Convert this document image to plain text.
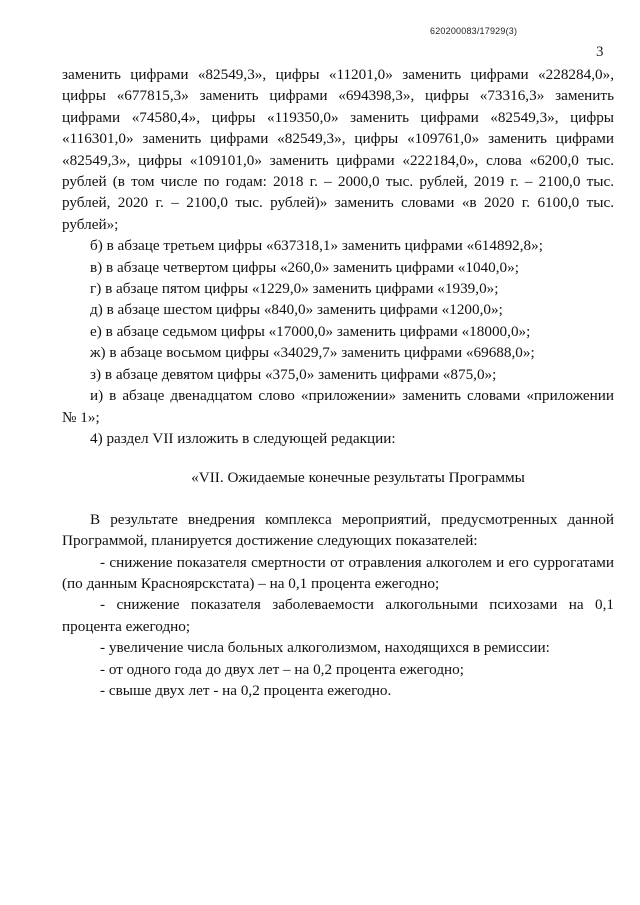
620200083/17929(3)
3

заменить цифрами «82549,3», цифры «11201,0» заменить цифрами «228284,0», цифры «677815,3» заменить цифрами «694398,3», цифры «73316,3» заменить цифрами «74580,4», цифры «119350,0» заменить цифрами «82549,3», цифры «116301,0» заменить цифрами «82549,3», цифры «109761,0» заменить цифрами «82549,3», цифры «109101,0» заменить цифрами «222184,0», слова «6200,0 тыс. рублей (в том числе по годам: 2018 г. – 2000,0 тыс. рублей, 2019 г. – 2100,0 тыс. рублей, 2020 г. – 2100,0 тыс. рублей)» заменить словами «в 2020 г. 6100,0 тыс. рублей»;

б) в абзаце третьем цифры «637318,1» заменить цифрами «614892,8»;

в) в абзаце четвертом цифры «260,0» заменить цифрами «1040,0»;

г) в абзаце пятом цифры «1229,0» заменить цифрами «1939,0»;

д) в абзаце шестом цифры «840,0» заменить цифрами «1200,0»;

е) в абзаце седьмом цифры «17000,0» заменить цифрами «18000,0»;

ж) в абзаце восьмом цифры «34029,7» заменить цифрами «69688,0»;

з) в абзаце девятом цифры «375,0» заменить цифрами «875,0»;

и) в абзаце двенадцатом слово «приложении» заменить словами «приложении № 1»;

4) раздел VII изложить в следующей редакции:

«VII. Ожидаемые конечные результаты Программы

В результате внедрения комплекса мероприятий, предусмотренных данной Программой, планируется достижение следующих показателей:

- снижение показателя смертности от отравления алкоголем и его суррогатами (по данным Красноярскстата) – на 0,1 процента ежегодно;

- снижение показателя заболеваемости алкогольными психозами на 0,1 процента ежегодно;

- увеличение числа больных алкоголизмом, находящихся в ремиссии:

- от одного года до двух лет – на 0,2 процента ежегодно;

- свыше двух лет - на 0,2 процента ежегодно.
